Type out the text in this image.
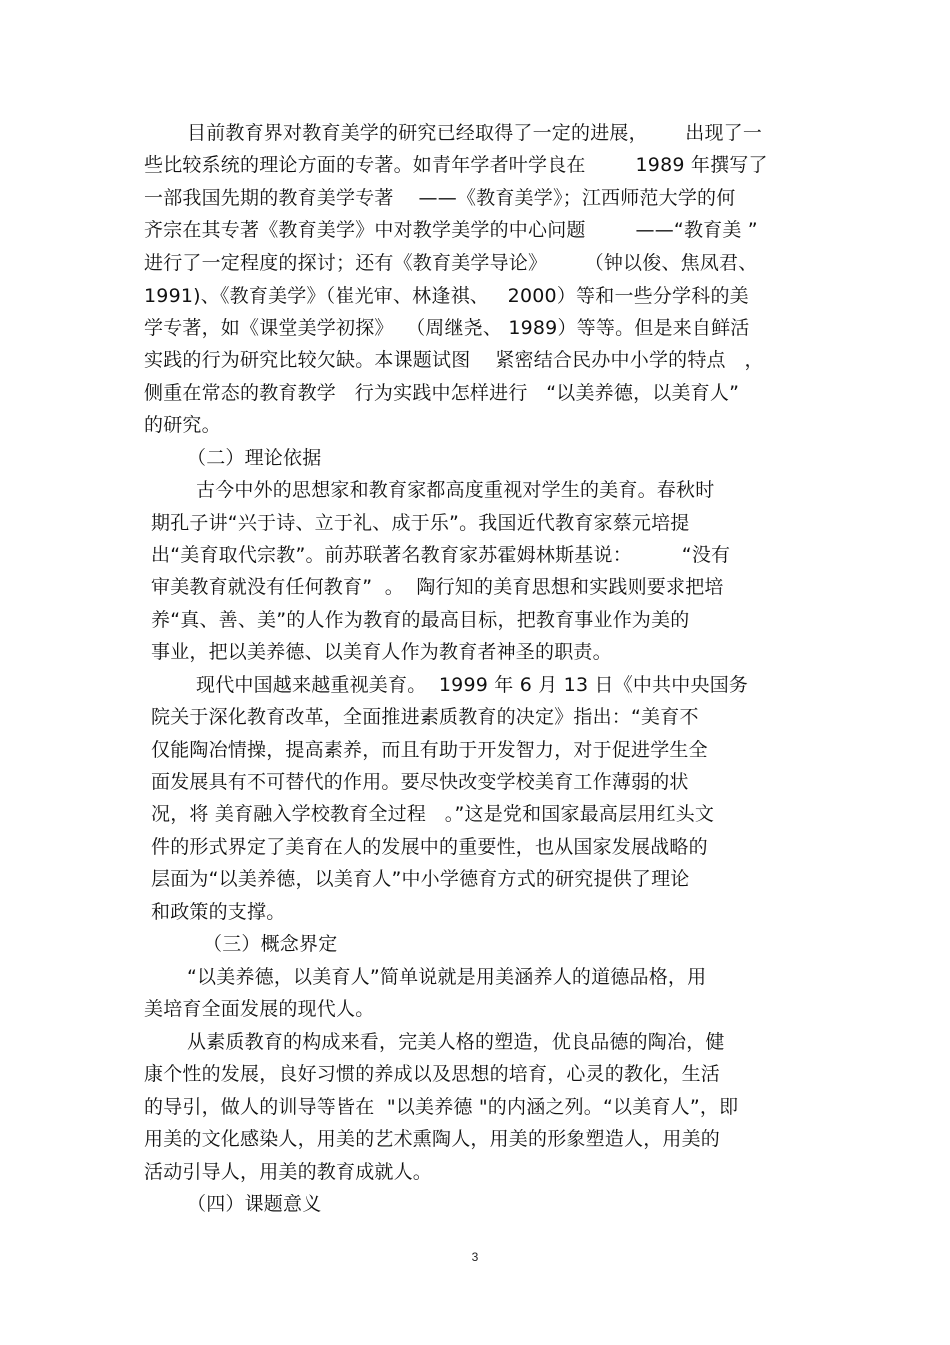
目前教育界对教育美学的研究已经取得了一定的进展，      出现了一
些比较系统的理论方面的专著。如青年学者叶学良在        1989 年撰写了
一部我国先期的教育美学专著    ——《教育美学》；江西师范大学的何
齐宗在其专著《教育美学》中对教学美学的中心问题        ——“教育美 ”
进行了一定程度的探讨；还有《教育美学导论》      （钟以俊、焦凤君、
1991)、《教育美学》（崔光审、林逢祺、   2000）等和一些分学科的美
学专著，如《课堂美学初探》  （周继尧、 1989）等等。但是来自鲜活
实践的行为研究比较欠缺。本课题试图    紧密结合民办中小学的特点   ，
侧重在常态的教育教学   行为实践中怎样进行   “以美养德，以美育人”
的研究。
（二）理论依据
古今中外的思想家和教育家都高度重视对学生的美育。春秋时
期孔子讲“兴于诗、立于礼、成于乐”。我国近代教育家蔡元培提
出“美育取代宗教”。前苏联著名教育家苏霍姆林斯基说：        “没有
审美教育就没有任何教育”  。  陶行知的美育思想和实践则要求把培
养“真、善、美”的人作为教育的最高目标，把教育事业作为美的
事业，把以美养德、以美育人作为教育者神圣的职责。
现代中国越来越重视美育。  1999 年 6 月 13 日《中共中央国务
院关于深化教育改革，全面推进素质教育的决定》指出：“美育不
仅能陶冶情操，提高素养，而且有助于开发智力，对于促进学生全
面发展具有不可替代的作用。要尽快改变学校美育工作薄弱的状
况，将 美育融入学校教育全过程   。”这是党和国家最高层用红头文
件的形式界定了美育在人的发展中的重要性，也从国家发展战略的
层面为“以美养德，以美育人”中小学德育方式的研究提供了理论
和政策的支撑。
（三）概念界定
“以美养德，以美育人”简单说就是用美涵养人的道德品格，用
美培育全面发展的现代人。
从素质教育的构成来看，完美人格的塑造，优良品德的陶冶，健
康个性的发展，良好习惯的养成以及思想的培育，心灵的教化，生活
的导引，做人的训导等皆在  "以美养德 "的内涵之列。“以美育人”，即
用美的文化感染人，用美的艺术熏陶人，用美的形象塑造人，用美的
活动引导人，用美的教育成就人。
（四）课题意义
3
